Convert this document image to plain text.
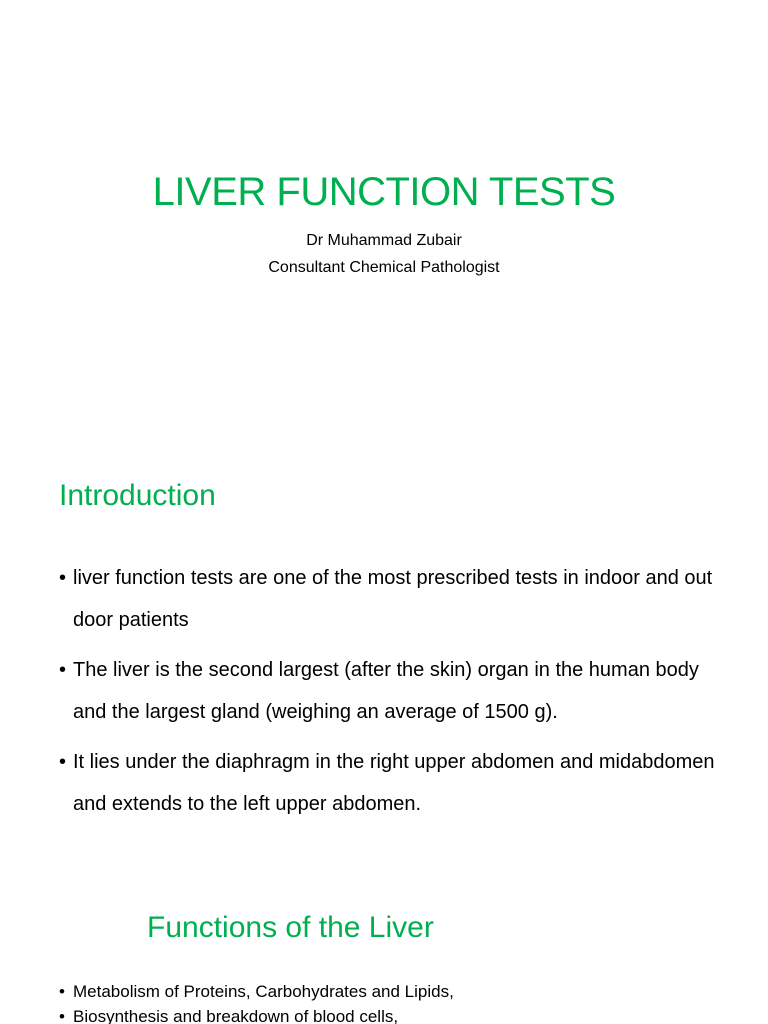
LIVER FUNCTION TESTS
Dr Muhammad Zubair
Consultant Chemical Pathologist
Introduction
• liver function tests are one of the most prescribed tests in indoor and out door patients
• The liver is the second largest (after the skin) organ in the human body and the largest gland (weighing an average of 1500 g).
• It lies under the diaphragm in the right upper abdomen and midabdomen and extends to the left upper abdomen.
Functions of the Liver
• Metabolism of Proteins, Carbohydrates and Lipids,
• Biosynthesis and breakdown of blood cells,
